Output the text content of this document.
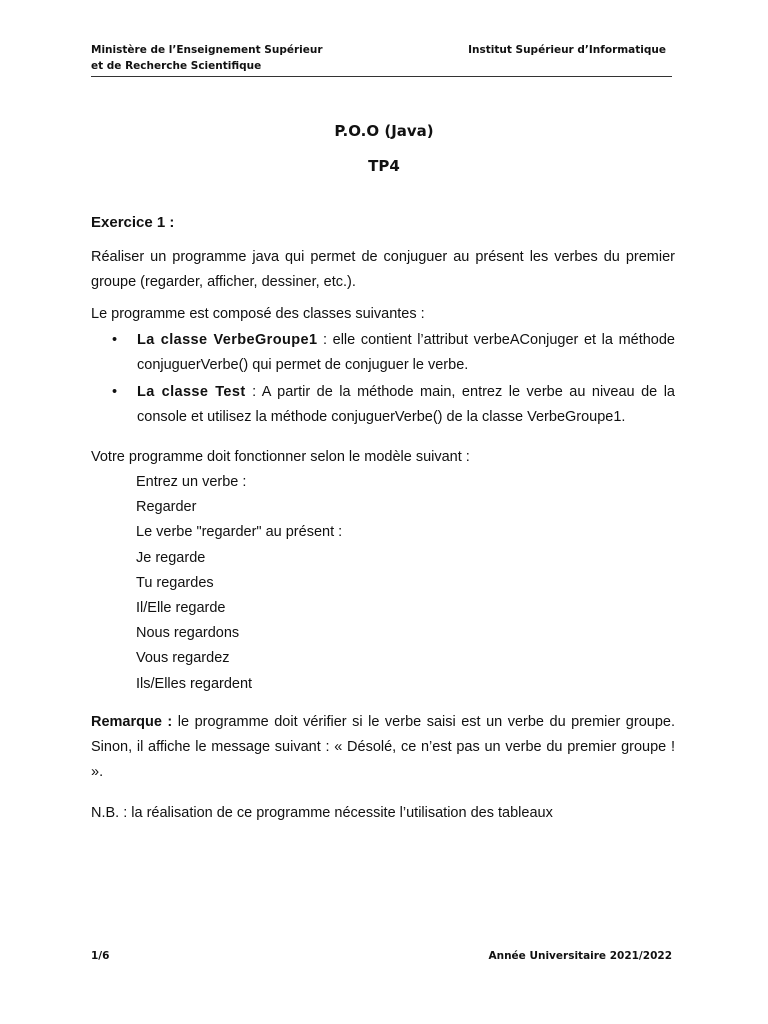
Ministère de l’Enseignement Supérieur
et de Recherche Scientifique
Institut Supérieur d’Informatique
P.O.O (Java)
TP4
Exercice 1 :
Réaliser un programme java qui permet de conjuguer au présent les verbes du premier groupe (regarder, afficher, dessiner, etc.).
Le programme est composé des classes suivantes :
• La classe VerbeGroupe1 : elle contient l’attribut verbeAConjuger et la méthode conjuguerVerbe() qui permet de conjuguer le verbe.
• La classe Test : A partir de la méthode main, entrez le verbe au niveau de la console et utilisez la méthode conjuguerVerbe() de la classe VerbeGroupe1.
Votre programme doit fonctionner selon le modèle suivant :
Entrez un verbe :
Regarder
Le verbe "regarder" au présent :
Je regarde
Tu regardes
Il/Elle regarde
Nous regardons
Vous regardez
Ils/Elles regardent
Remarque : le programme doit vérifier si le verbe saisi est un verbe du premier groupe. Sinon, il affiche le message suivant : « Désolé, ce n’est pas un verbe du premier groupe ! ».
N.B. : la réalisation de ce programme nécessite l’utilisation des tableaux
1/6	Année Universitaire 2021/2022
